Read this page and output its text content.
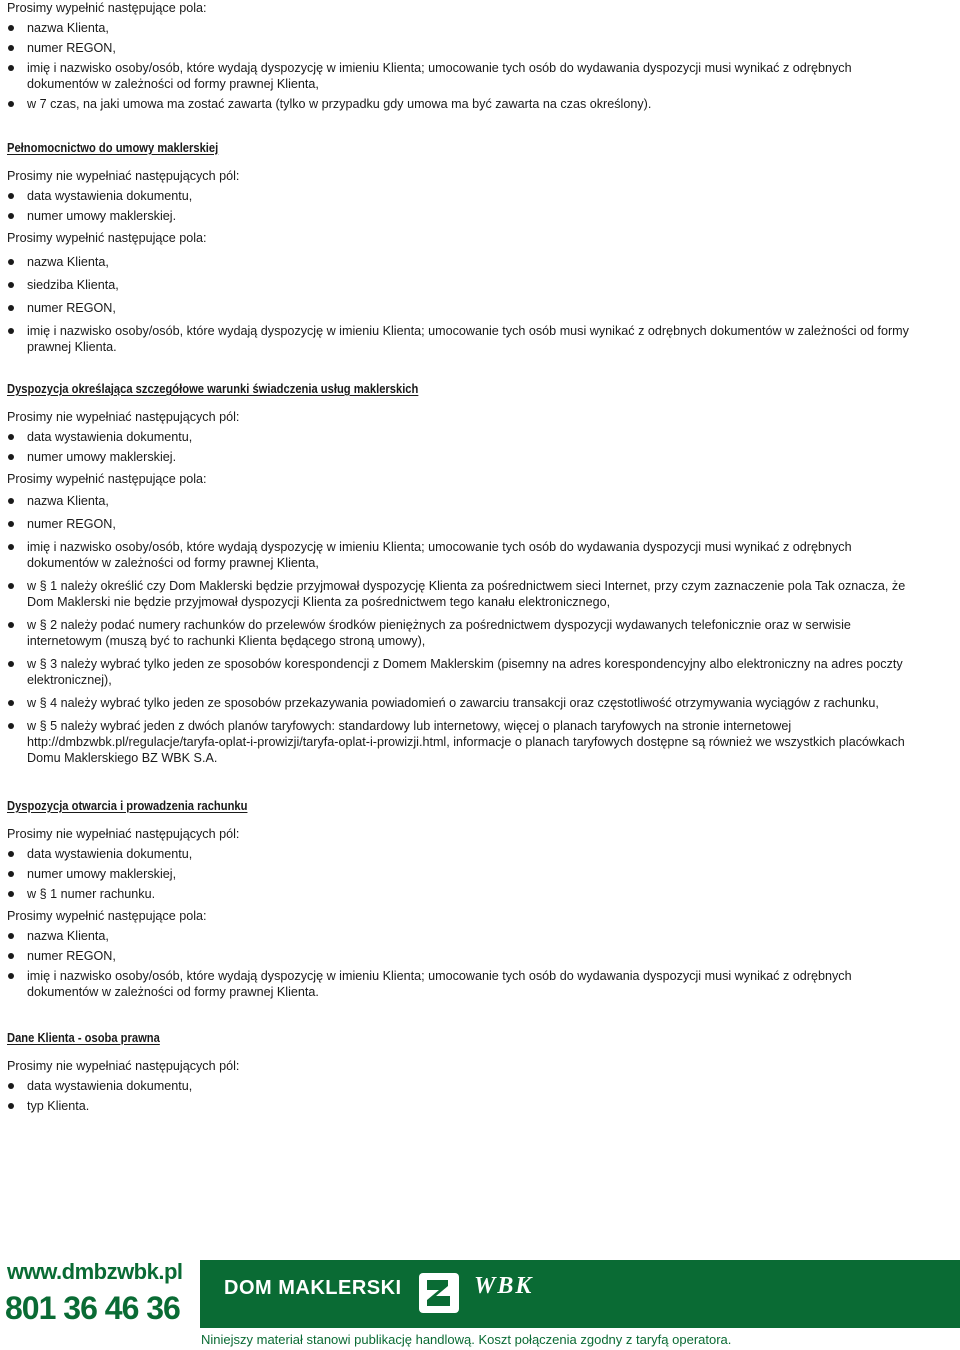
Prosimy wypełnić następujące pola:

nazwa Klienta,
numer REGON,
imię i nazwisko osoby/osób, które wydają dyspozycję w imieniu Klienta; umocowanie tych osób do wydawania dyspozycji musi wynikać z odrębnych dokumentów w zależności od formy prawnej Klienta,
w 7 czas, na jaki umowa ma zostać zawarta (tylko w przypadku gdy umowa ma być zawarta na czas określony).

Pełnomocnictwo do umowy maklerskiej

Prosimy nie wypełniać następujących pól:

data wystawienia dokumentu,
numer umowy maklerskiej.

Prosimy wypełnić następujące pola:

nazwa Klienta,
siedziba Klienta,
numer REGON,
imię i nazwisko osoby/osób, które wydają dyspozycję w imieniu Klienta; umocowanie tych osób musi wynikać z odrębnych dokumentów w zależności od formy prawnej Klienta.

Dyspozycja określająca szczegółowe warunki świadczenia usług maklerskich

Prosimy nie wypełniać następujących pól:

data wystawienia dokumentu,
numer umowy maklerskiej.

Prosimy wypełnić następujące pola:

nazwa Klienta,
numer REGON,
imię i nazwisko osoby/osób, które wydają dyspozycję w imieniu Klienta; umocowanie tych osób do wydawania dyspozycji musi wynikać z odrębnych dokumentów w zależności od formy prawnej Klienta,
w § 1 należy określić czy Dom Maklerski będzie przyjmował dyspozycję Klienta za pośrednictwem sieci Internet, przy czym zaznaczenie pola Tak oznacza, że Dom Maklerski nie będzie przyjmował dyspozycji Klienta za pośrednictwem tego kanału elektronicznego,
w § 2 należy podać numery rachunków do przelewów środków pieniężnych za pośrednictwem dyspozycji wydawanych telefonicznie oraz w serwisie internetowym (muszą być to rachunki Klienta będącego stroną umowy),
w § 3 należy wybrać tylko jeden ze sposobów korespondencji z Domem Maklerskim (pisemny na adres korespondencyjny albo elektroniczny na adres poczty elektronicznej),
w § 4 należy wybrać tylko jeden ze sposobów przekazywania powiadomień o zawarciu transakcji oraz częstotliwość otrzymywania wyciągów z rachunku,
w § 5 należy wybrać jeden z dwóch planów taryfowych: standardowy lub internetowy, więcej o planach taryfowych na stronie internetowej http://dmbzwbk.pl/regulacje/taryfa-oplat-i-prowizji/taryfa-oplat-i-prowizji.html, informacje o planach taryfowych dostępne są również we wszystkich placówkach Domu Maklerskiego BZ WBK S.A.

Dyspozycja otwarcia i prowadzenia rachunku

Prosimy nie wypełniać następujących pól:

data wystawienia dokumentu,
numer umowy maklerskiej,
w § 1 numer rachunku.

Prosimy wypełnić następujące pola:

nazwa Klienta,
numer REGON,
imię i nazwisko osoby/osób, które wydają dyspozycję w imieniu Klienta; umocowanie tych osób do wydawania dyspozycji musi wynikać z odrębnych dokumentów w zależności od formy prawnej Klienta.

Dane Klienta - osoba prawna

Prosimy nie wypełniać następujących pól:

data wystawienia dokumentu,
typ Klienta.
www.dmbzwbk.pl
801 36 46 36
DOM MAKLERSKI
BZ
WBK
Niniejszy materiał stanowi publikację handlową. Koszt połączenia zgodny z taryfą operatora.
